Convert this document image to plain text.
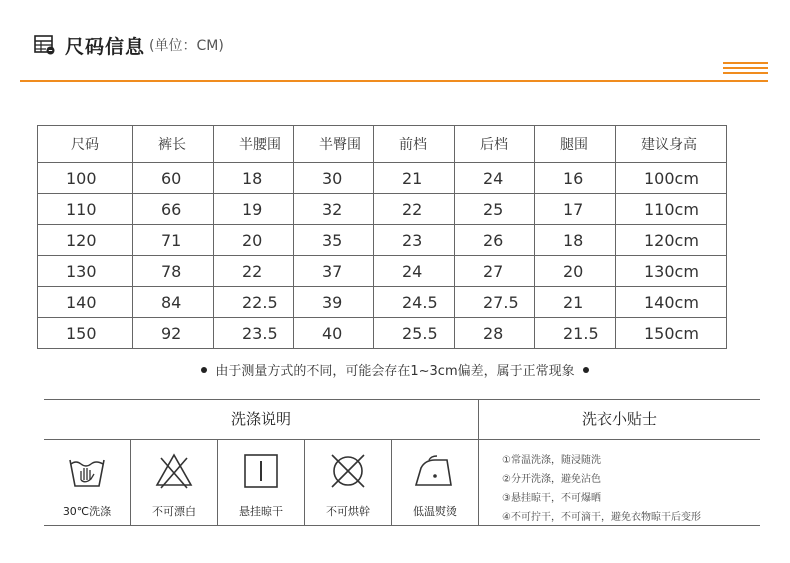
尺码信息 (单位：CM)
尺码	裤长	半腰围	半臀围	前档	后档	腿围	建议身高
100	60	18	30	21	24	16	100cm
110	66	19	32	22	25	17	110cm
120	71	20	35	23	26	18	120cm
130	78	22	37	24	27	20	130cm
140	84	22.5	39	24.5	27.5	21	140cm
150	92	23.5	40	25.5	28	21.5	150cm
由于测量方式的不同，可能会存在1~3cm偏差，属于正常现象
洗涤说明	洗衣小贴士
30℃洗涤	不可漂白	悬挂晾干	不可烘幹	低温熨烫
①常温洗涤，随浸随洗
②分开洗涤，避免沾色
③悬挂晾干，不可爆晒
④不可拧干，不可滴干，避免衣物晾干后变形
